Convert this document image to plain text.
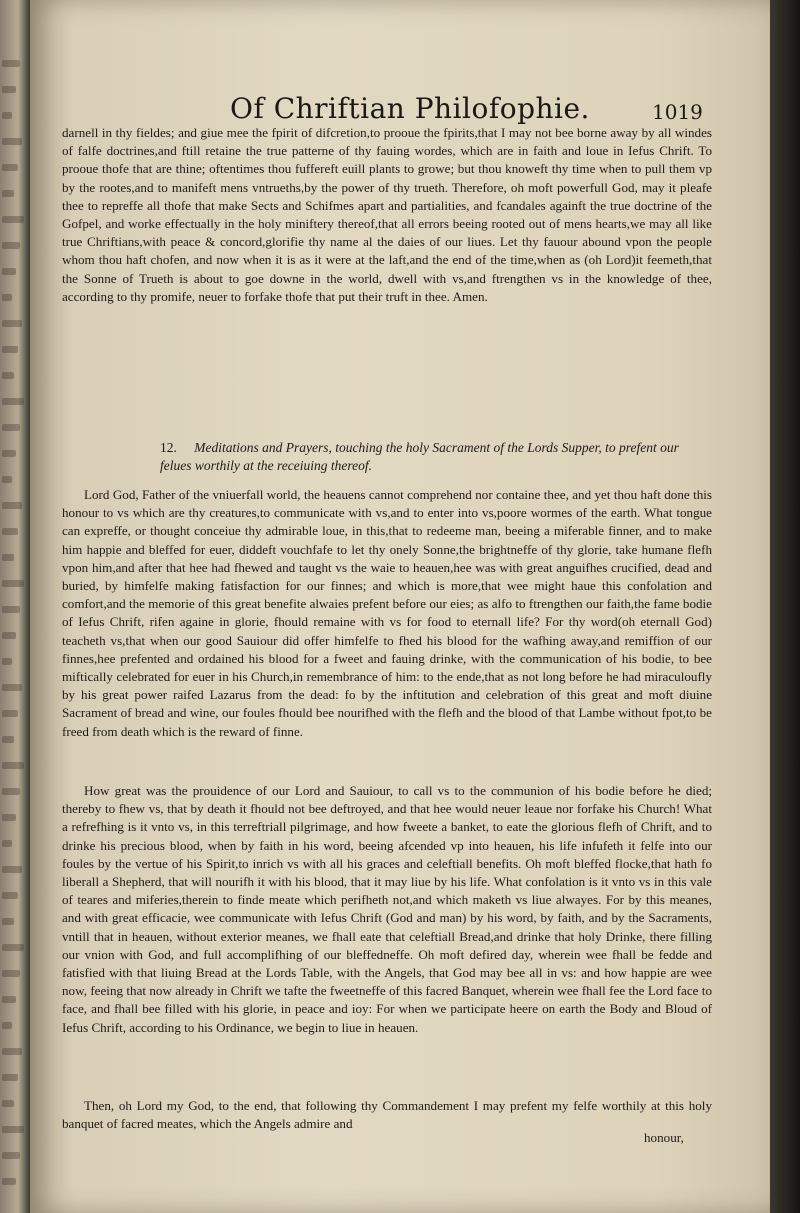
Of Chriftian Philofophie.	1019

darnell in thy fieldes; and giue mee the fpirit of difcretion,to prooue the fpirits,that I may not bee borne away by all windes of falfe doctrines,and ftill retaine the true patterne of thy fauing wordes, which are in faith and loue in Iefus Chrift. To prooue thofe that are thine; oftentimes thou fuffereft euill plants to growe; but thou knoweft thy time when to pull them vp by the rootes,and to manifeft mens vntrueths,by the power of thy trueth. Therefore, oh moft powerfull God, may it pleafe thee to repreffe all thofe that make Sects and Schifmes apart and partialities, and fcandales againft the true doctrine of the Gofpel, and worke effectually in the holy miniftery thereof,that all errors beeing rooted out of mens hearts,we may all like true Chriftians,with peace & concord,glorifie thy name al the daies of our liues. Let thy fauour abound vpon the people whom thou haft chofen, and now when it is as it were at the laft,and the end of the time,when as (oh Lord)it feemeth,that the Sonne of Trueth is about to goe downe in the world, dwell with vs,and ftrengthen vs in the knowledge of thee, according to thy promife, neuer to forfake thofe that put their truft in thee. Amen.

12. Meditations and Prayers, touching the holy Sacrament of the Lords Supper, to prefent our felues worthily at the receiuing thereof.

Lord God, Father of the vniuerfall world, the heauens cannot comprehend nor containe thee, and yet thou haft done this honour to vs which are thy creatures,to communicate with vs,and to enter into vs,poore wormes of the earth. What tongue can expreffe, or thought conceiue thy admirable loue, in this,that to redeeme man, beeing a miferable finner, and to make him happie and bleffed for euer, diddeft vouchfafe to let thy onely Sonne,the brightneffe of thy glorie, take humane flefh vpon him,and after that hee had fhewed and taught vs the waie to heauen,hee was with great anguifhes crucified, dead and buried, by himfelfe making fatisfaction for our finnes; and which is more,that wee might haue this confolation and comfort,and the memorie of this great benefite alwaies prefent before our eies; as alfo to ftrengthen our faith,the fame bodie of Iefus Chrift, rifen againe in glorie, fhould remaine with vs for food to eternall life? For thy word(oh eternall God) teacheth vs,that when our good Sauiour did offer himfelfe to fhed his blood for the wafhing away,and remiffion of our finnes,hee prefented and ordained his blood for a fweet and fauing drinke, with the communication of his bodie, to bee miftically celebrated for euer in his Church,in remembrance of him: to the ende,that as not long before he had miraculoufly by his great power raifed Lazarus from the dead: fo by the inftitution and celebration of this great and moft diuine Sacrament of bread and wine, our foules fhould bee nourifhed with the flefh and the blood of that Lambe without fpot,to be freed from death which is the reward of finne.

How great was the prouidence of our Lord and Sauiour, to call vs to the communion of his bodie before he died; thereby to fhew vs, that by death it fhould not bee deftroyed, and that hee would neuer leaue nor forfake his Church! What a refrefhing is it vnto vs, in this terreftriall pilgrimage, and how fweete a banket, to eate the glorious flefh of Chrift, and to drinke his precious blood, when by faith in his word, beeing afcended vp into heauen, his life infufeth it felfe into our foules by the vertue of his Spirit,to inrich vs with all his graces and celeftiall benefits. Oh moft bleffed flocke,that hath fo liberall a Shepherd, that will nourifh it with his blood, that it may liue by his life. What confolation is it vnto vs in this vale of teares and miferies,therein to finde meate which perifheth not,and which maketh vs liue alwayes. For by this meanes, and with great efficacie, wee communicate with Iefus Chrift (God and man) by his word, by faith, and by the Sacraments, vntill that in heauen, without exterior meanes, we fhall eate that celeftiall Bread,and drinke that holy Drinke, there filling our vnion with God, and full accomplifhing of our bleffedneffe. Oh moft defired day, wherein wee fhall be fedde and fatisfied with that liuing Bread at the Lords Table, with the Angels, that God may bee all in vs: and how happie are wee now, feeing that now already in Chrift we tafte the fweetneffe of this facred Banquet, wherein wee fhall fee the Lord face to face, and fhall bee filled with his glorie, in peace and ioy: For when we participate heere on earth the Body and Bloud of Iefus Chrift, according to his Ordinance, we begin to liue in heauen.

Then, oh Lord my God, to the end, that following thy Commandement I may prefent my felfe worthily at this holy banquet of facred meates, which the Angels admire and

honour,
